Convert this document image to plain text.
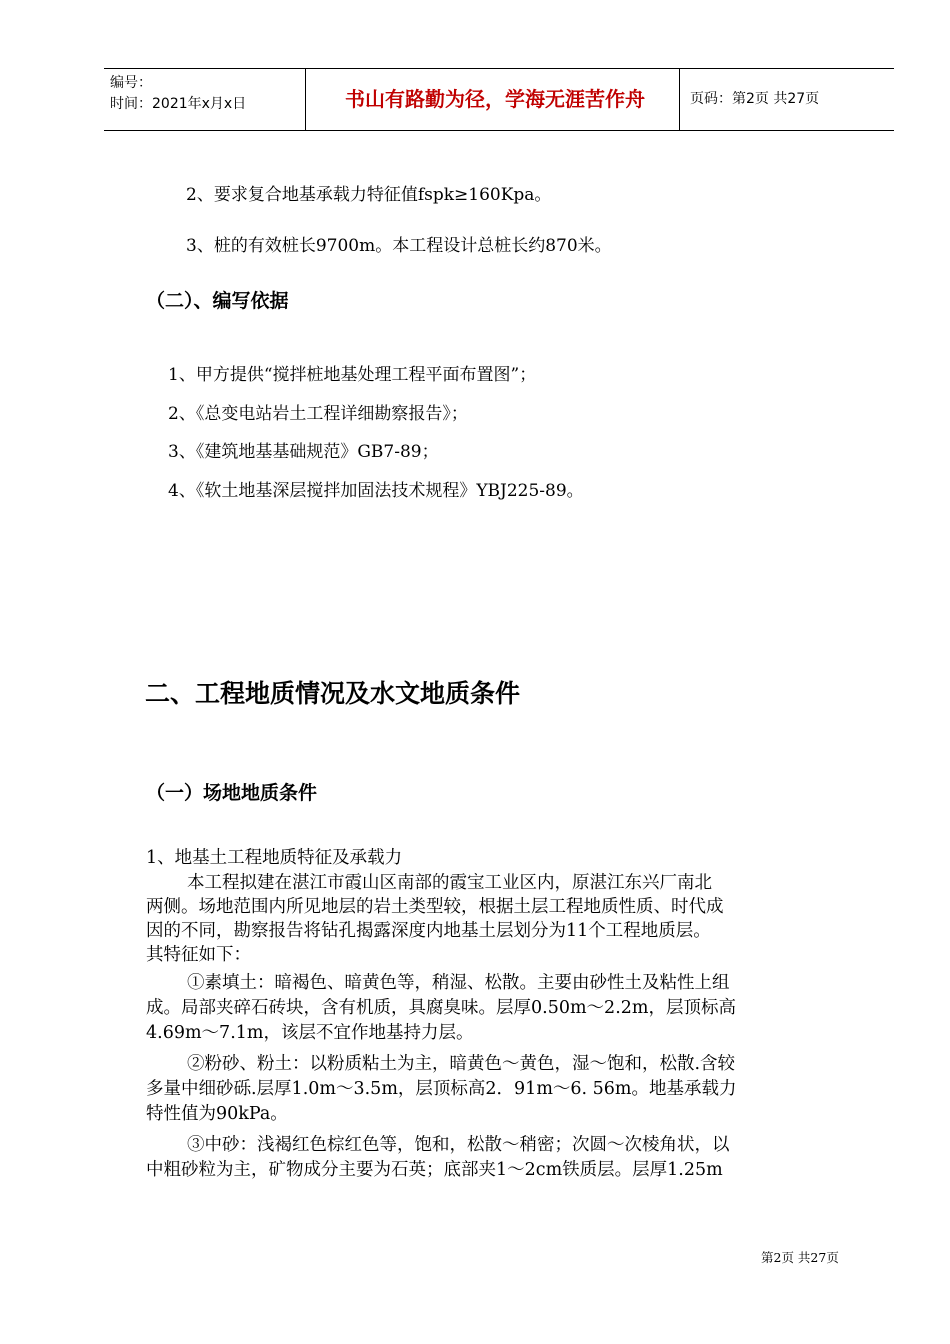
编号：
时间：2021年x月x日	书山有路勤为径，学海无涯苦作舟	页码：第2页 共27页
2、要求复合地基承载力特征值fspk≥160Kpa。
3、桩的有效桩长9700m。本工程设计总桩长约870米。
（二）、编写依据
1、甲方提供“搅拌桩地基处理工程平面布置图”；
2、《总变电站岩土工程详细勘察报告》；
3、《建筑地基基础规范》GB7-89；
4、《软土地基深层搅拌加固法技术规程》YBJ225-89。
二、工程地质情况及水文地质条件
（一）场地地质条件
1、地基土工程地质特征及承载力
本工程拟建在湛江市霞山区南部的霞宝工业区内，原湛江东兴厂南北
两侧。场地范围内所见地层的岩土类型较，根据土层工程地质性质、时代成
因的不同，勘察报告将钻孔揭露深度内地基土层划分为11个工程地质层。
其特征如下：
①素填土：暗褐色、暗黄色等，稍湿、松散。主要由砂性土及粘性上组
成。局部夹碎石砖块，含有机质，具腐臭味。层厚0.50m～2.2m，层顶标高
4.69m～7.1m，该层不宜作地基持力层。
②粉砂、粉土：以粉质粘土为主，暗黄色～黄色，湿～饱和，松散.含较
多量中细砂砾.层厚1.0m～3.5m，层顶标高2．91m～6. 56m。地基承载力
特性值为90kPa。
③中砂：浅褐红色棕红色等，饱和，松散～稍密；次圆～次棱角状，以
中粗砂粒为主，矿物成分主要为石英；底部夹1～2cm铁质层。层厚1.25m
第2页 共27页
